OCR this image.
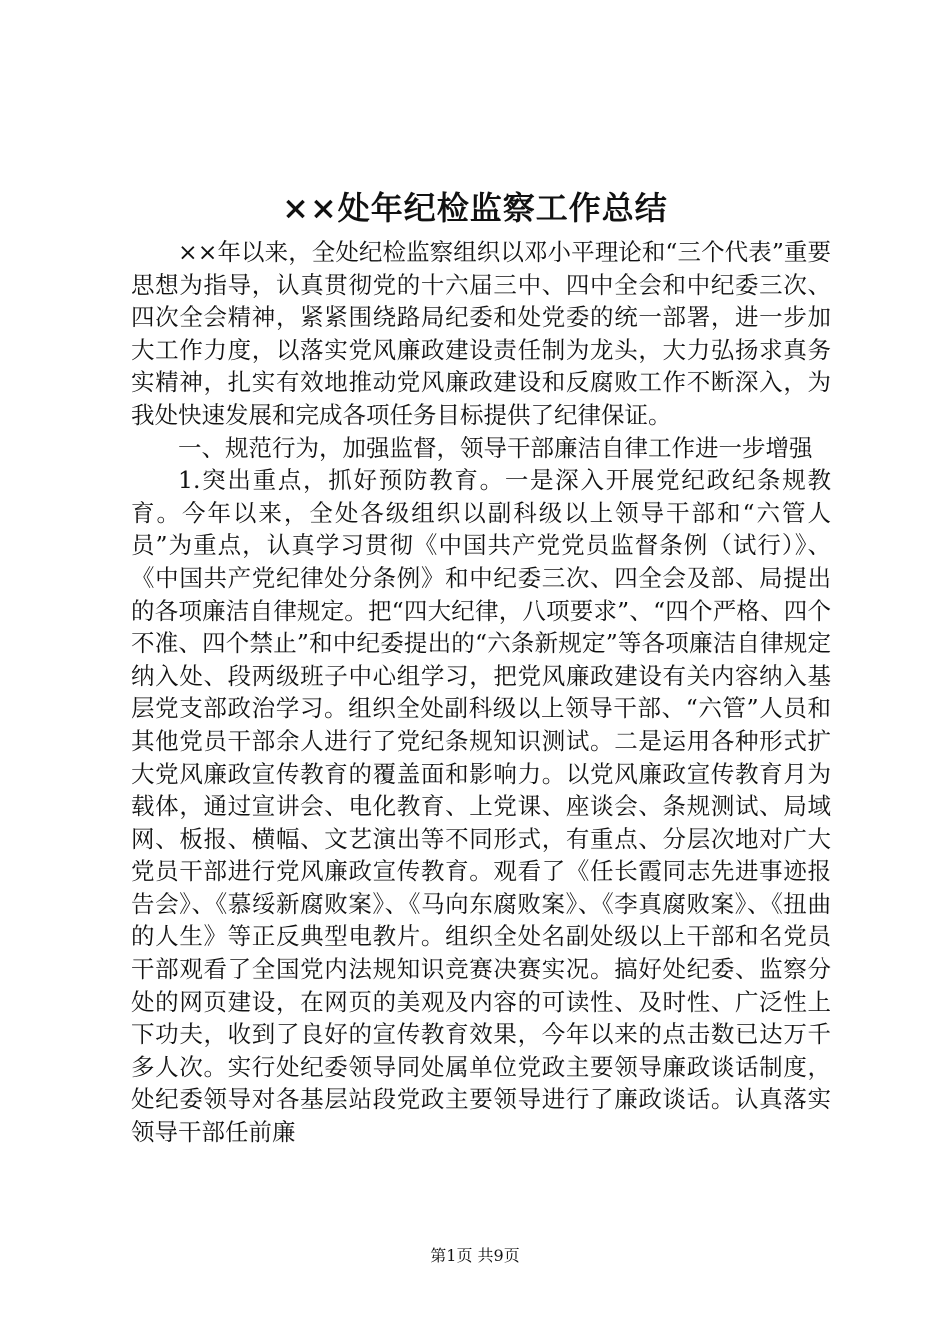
××处年纪检监察工作总结

××年以来，全处纪检监察组织以邓小平理论和“三个代表”重要思想为指导，认真贯彻党的十六届三中、四中全会和中纪委三次、四次全会精神，紧紧围绕路局纪委和处党委的统一部署，进一步加大工作力度，以落实党风廉政建设责任制为龙头，大力弘扬求真务实精神，扎实有效地推动党风廉政建设和反腐败工作不断深入，为我处快速发展和完成各项任务目标提供了纪律保证。

一、规范行为，加强监督，领导干部廉洁自律工作进一步增强

1.突出重点，抓好预防教育。一是深入开展党纪政纪条规教育。今年以来，全处各级组织以副科级以上领导干部和“六管人员”为重点，认真学习贯彻《中国共产党党员监督条例（试行）》、《中国共产党纪律处分条例》和中纪委三次、四全会及部、局提出的各项廉洁自律规定。把“四大纪律，八项要求”、“四个严格、四个不准、四个禁止”和中纪委提出的“六条新规定”等各项廉洁自律规定纳入处、段两级班子中心组学习，把党风廉政建设有关内容纳入基层党支部政治学习。组织全处副科级以上领导干部、“六管”人员和其他党员干部余人进行了党纪条规知识测试。二是运用各种形式扩大党风廉政宣传教育的覆盖面和影响力。以党风廉政宣传教育月为载体，通过宣讲会、电化教育、上党课、座谈会、条规测试、局域网、板报、横幅、文艺演出等不同形式，有重点、分层次地对广大党员干部进行党风廉政宣传教育。观看了《任长霞同志先进事迹报告会》、《慕绥新腐败案》、《马向东腐败案》、《李真腐败案》、《扭曲的人生》等正反典型电教片。组织全处名副处级以上干部和名党员干部观看了全国党内法规知识竞赛决赛实况。搞好处纪委、监察分处的网页建设，在网页的美观及内容的可读性、及时性、广泛性上下功夫，收到了良好的宣传教育效果，今年以来的点击数已达万千多人次。实行处纪委领导同处属单位党政主要领导廉政谈话制度，处纪委领导对各基层站段党政主要领导进行了廉政谈话。认真落实领导干部任前廉

第1页 共9页
